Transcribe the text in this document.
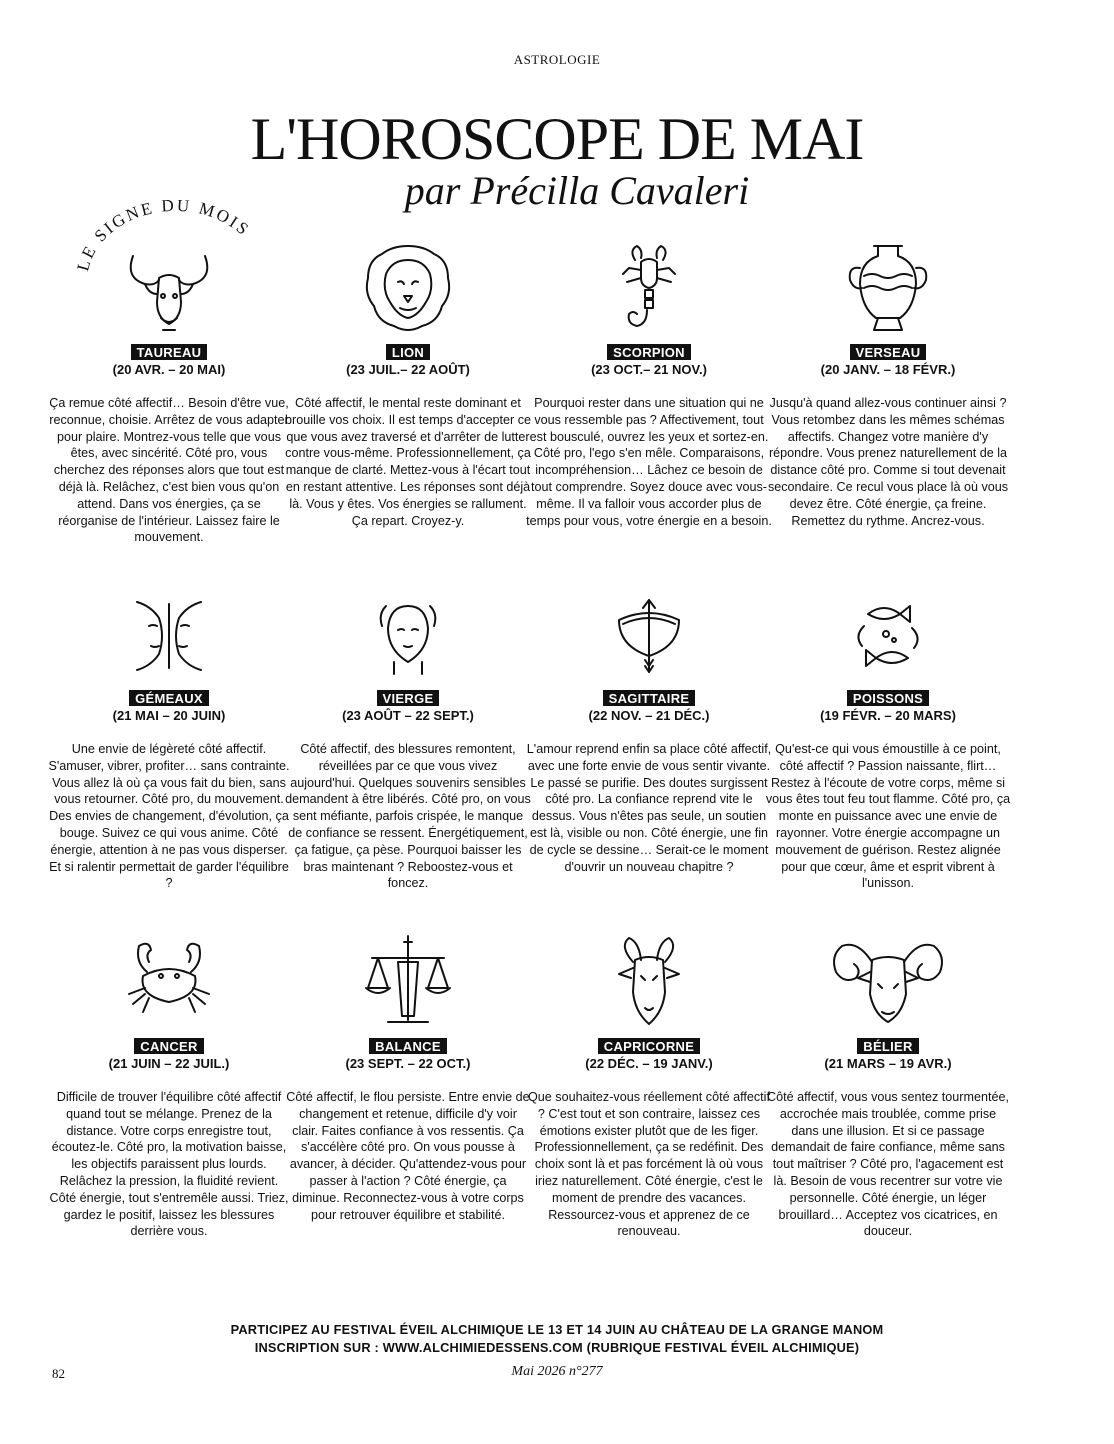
ASTROLOGIE
L'HOROSCOPE DE MAI
par Précilla Cavaleri
LE SIGNE DU MOIS
TAUREAU
(20 AVR. – 20 MAI)
Ça remue côté affectif… Besoin d'être vue, reconnue, choisie. Arrêtez de vous adapter pour plaire. Montrez-vous telle que vous êtes, avec sincérité. Côté pro, vous cherchez des réponses alors que tout est déjà là. Relâchez, c'est bien vous qu'on attend. Dans vos énergies, ça se réorganise de l'intérieur. Laissez faire le mouvement.
LION
(23 JUIL.– 22 AOÛT)
Côté affectif, le mental reste dominant et brouille vos choix. Il est temps d'accepter ce que vous avez traversé et d'arrêter de lutter contre vous-même. Professionnellement, ça manque de clarté. Mettez-vous à l'écart tout en restant attentive. Les réponses sont déjà là. Vous y êtes. Vos énergies se rallument. Ça repart. Croyez-y.
SCORPION
(23 OCT.– 21 NOV.)
Pourquoi rester dans une situation qui ne vous ressemble pas ? Affectivement, tout est bousculé, ouvrez les yeux et sortez-en. Côté pro, l'ego s'en mêle. Comparaisons, incompréhension… Lâchez ce besoin de tout comprendre. Soyez douce avec vous-même. Il va falloir vous accorder plus de temps pour vous, votre énergie en a besoin.
VERSEAU
(20 JANV. – 18 FÉVR.)
Jusqu'à quand allez-vous continuer ainsi ? Vous retombez dans les mêmes schémas affectifs. Changez votre manière d'y répondre. Vous prenez naturellement de la distance côté pro. Comme si tout devenait secondaire. Ce recul vous place là où vous devez être. Côté énergie, ça freine. Remettez du rythme. Ancrez-vous.
GÉMEAUX
(21 MAI – 20 JUIN)
Une envie de légèreté côté affectif. S'amuser, vibrer, profiter… sans contrainte. Vous allez là où ça vous fait du bien, sans vous retourner. Côté pro, du mouvement. Des envies de changement, d'évolution, ça bouge. Suivez ce qui vous anime. Côté énergie, attention à ne pas vous disperser. Et si ralentir permettait de garder l'équilibre ?
VIERGE
(23 AOÛT – 22 SEPT.)
Côté affectif, des blessures remontent, réveillées par ce que vous vivez aujourd'hui. Quelques souvenirs sensibles demandent à être libérés. Côté pro, on vous sent méfiante, parfois crispée, le manque de confiance se ressent. Énergétiquement, ça fatigue, ça pèse. Pourquoi baisser les bras maintenant ? Reboostez-vous et foncez.
SAGITTAIRE
(22 NOV. – 21 DÉC.)
L'amour reprend enfin sa place côté affectif, avec une forte envie de vous sentir vivante. Le passé se purifie. Des doutes surgissent côté pro. La confiance reprend vite le dessus. Vous n'êtes pas seule, un soutien est là, visible ou non. Côté énergie, une fin de cycle se dessine… Serait-ce le moment d'ouvrir un nouveau chapitre ?
POISSONS
(19 FÉVR. – 20 MARS)
Qu'est-ce qui vous émoustille à ce point, côté affectif ? Passion naissante, flirt… Restez à l'écoute de votre corps, même si vous êtes tout feu tout flamme. Côté pro, ça monte en puissance avec une envie de rayonner. Votre énergie accompagne un mouvement de guérison. Restez alignée pour que cœur, âme et esprit vibrent à l'unisson.
CANCER
(21 JUIN – 22 JUIL.)
Difficile de trouver l'équilibre côté affectif quand tout se mélange. Prenez de la distance. Votre corps enregistre tout, écoutez-le. Côté pro, la motivation baisse, les objectifs paraissent plus lourds. Relâchez la pression, la fluidité revient. Côté énergie, tout s'entremêle aussi. Triez, gardez le positif, laissez les blessures derrière vous.
BALANCE
(23 SEPT. – 22 OCT.)
Côté affectif, le flou persiste. Entre envie de changement et retenue, difficile d'y voir clair. Faites confiance à vos ressentis. Ça s'accélère côté pro. On vous pousse à avancer, à décider. Qu'attendez-vous pour passer à l'action ? Côté énergie, ça diminue. Reconnectez-vous à votre corps pour retrouver équilibre et stabilité.
CAPRICORNE
(22 DÉC. – 19 JANV.)
Que souhaitez-vous réellement côté affectif ? C'est tout et son contraire, laissez ces émotions exister plutôt que de les figer. Professionnellement, ça se redéfinit. Des choix sont là et pas forcément là où vous iriez naturellement. Côté énergie, c'est le moment de prendre des vacances. Ressourcez-vous et apprenez de ce renouveau.
BÉLIER
(21 MARS – 19 AVR.)
Côté affectif, vous vous sentez tourmentée, accrochée mais troublée, comme prise dans une illusion. Et si ce passage demandait de faire confiance, même sans tout maîtriser ? Côté pro, l'agacement est là. Besoin de vous recentrer sur votre vie personnelle. Côté énergie, un léger brouillard… Acceptez vos cicatrices, en douceur.
PARTICIPEZ AU FESTIVAL ÉVEIL ALCHIMIQUE LE 13 ET 14 JUIN AU CHÂTEAU DE LA GRANGE MANOM
INSCRIPTION SUR : WWW.ALCHIMIEDESSENS.COM (RUBRIQUE FESTIVAL ÉVEIL ALCHIMIQUE)
82	Mai 2026 n°277
